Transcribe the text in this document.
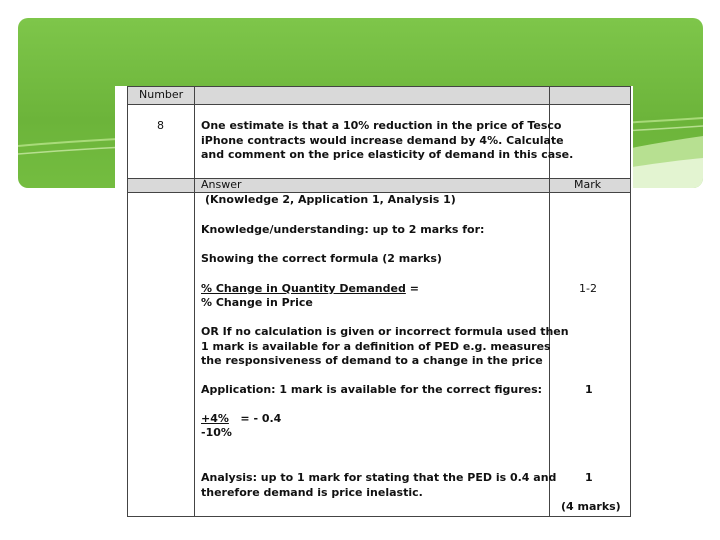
Number
8	One estimate is that a 10% reduction in the price of Tesco
iPhone contracts would increase demand by 4%. Calculate
and comment on the price elasticity of demand in this case.
Answer	Mark
(Knowledge 2, Application 1, Analysis 1)
Knowledge/understanding: up to 2 marks for:
Showing the correct formula (2 marks)
% Change in Quantity Demanded =
% Change in Price
OR If no calculation is given or incorrect formula used then
1 mark is available for a definition of PED e.g. measures
the responsiveness of demand to a change in the price
Application: 1 mark is available for the correct figures:
+4% = - 0.4
-10%
Analysis: up to 1 mark for stating that the PED is 0.4 and
therefore demand is price inelastic.
1-2
1
1
(4 marks)
